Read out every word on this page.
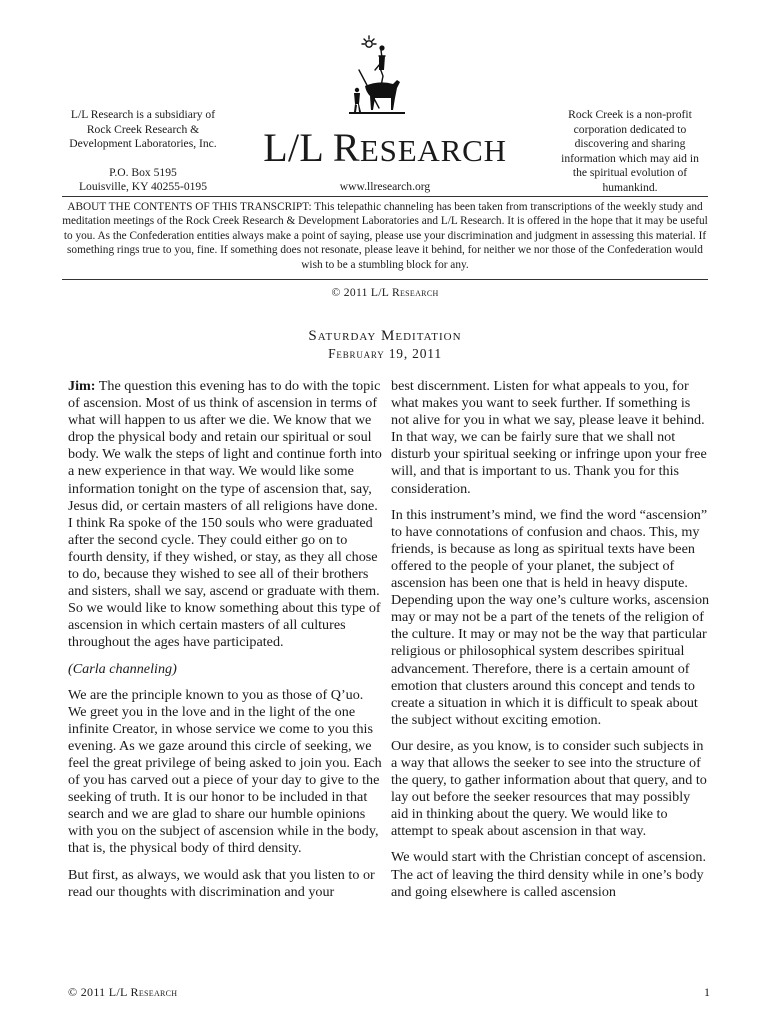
L/L Research is a subsidiary of
Rock Creek Research &
Development Laboratories, Inc.
P.O. Box 5195
Louisville, KY 40255-0195
L/L RESEARCH
www.llresearch.org
Rock Creek is a non-profit
corporation dedicated to
discovering and sharing
information which may aid in
the spiritual evolution of
humankind.
ABOUT THE CONTENTS OF THIS TRANSCRIPT: This telepathic channeling has been taken from transcriptions of the weekly study and meditation meetings of the Rock Creek Research & Development Laboratories and L/L Research. It is offered in the hope that it may be useful to you. As the Confederation entities always make a point of saying, please use your discrimination and judgment in assessing this material. If something rings true to you, fine. If something does not resonate, please leave it behind, for neither we nor those of the Confederation would wish to be a stumbling block for any.
© 2011 L/L Research
Saturday Meditation
February 19, 2011

Jim: The question this evening has to do with the topic of ascension. Most of us think of ascension in terms of what will happen to us after we die. We know that we drop the physical body and retain our spiritual or soul body. We walk the steps of light and continue forth into a new experience in that way. We would like some information tonight on the type of ascension that, say, Jesus did, or certain masters of all religions have done. I think Ra spoke of the 150 souls who were graduated after the second cycle. They could either go on to fourth density, if they wished, or stay, as they all chose to do, because they wished to see all of their brothers and sisters, shall we say, ascend or graduate with them. So we would like to know something about this type of ascension in which certain masters of all cultures throughout the ages have participated.

(Carla channeling)

We are the principle known to you as those of Q’uo. We greet you in the love and in the light of the one infinite Creator, in whose service we come to you this evening. As we gaze around this circle of seeking, we feel the great privilege of being asked to join you. Each of you has carved out a piece of your day to give to the seeking of truth. It is our honor to be included in that search and we are glad to share our humble opinions with you on the subject of ascension while in the body, that is, the physical body of third density.

But first, as always, we would ask that you listen to or read our thoughts with discrimination and your

best discernment. Listen for what appeals to you, for what makes you want to seek further. If something is not alive for you in what we say, please leave it behind. In that way, we can be fairly sure that we shall not disturb your spiritual seeking or infringe upon your free will, and that is important to us. Thank you for this consideration.

In this instrument’s mind, we find the word “ascension” to have connotations of confusion and chaos. This, my friends, is because as long as spiritual texts have been offered to the people of your planet, the subject of ascension has been one that is held in heavy dispute. Depending upon the way one’s culture works, ascension may or may not be a part of the tenets of the religion of the culture. It may or may not be the way that particular religious or philosophical system describes spiritual advancement. Therefore, there is a certain amount of emotion that clusters around this concept and tends to create a situation in which it is difficult to speak about the subject without exciting emotion.

Our desire, as you know, is to consider such subjects in a way that allows the seeker to see into the structure of the query, to gather information about that query, and to lay out before the seeker resources that may possibly aid in thinking about the query. We would like to attempt to speak about ascension in that way.

We would start with the Christian concept of ascension. The act of leaving the third density while in one’s body and going elsewhere is called ascension

© 2011 L/L Research	1
